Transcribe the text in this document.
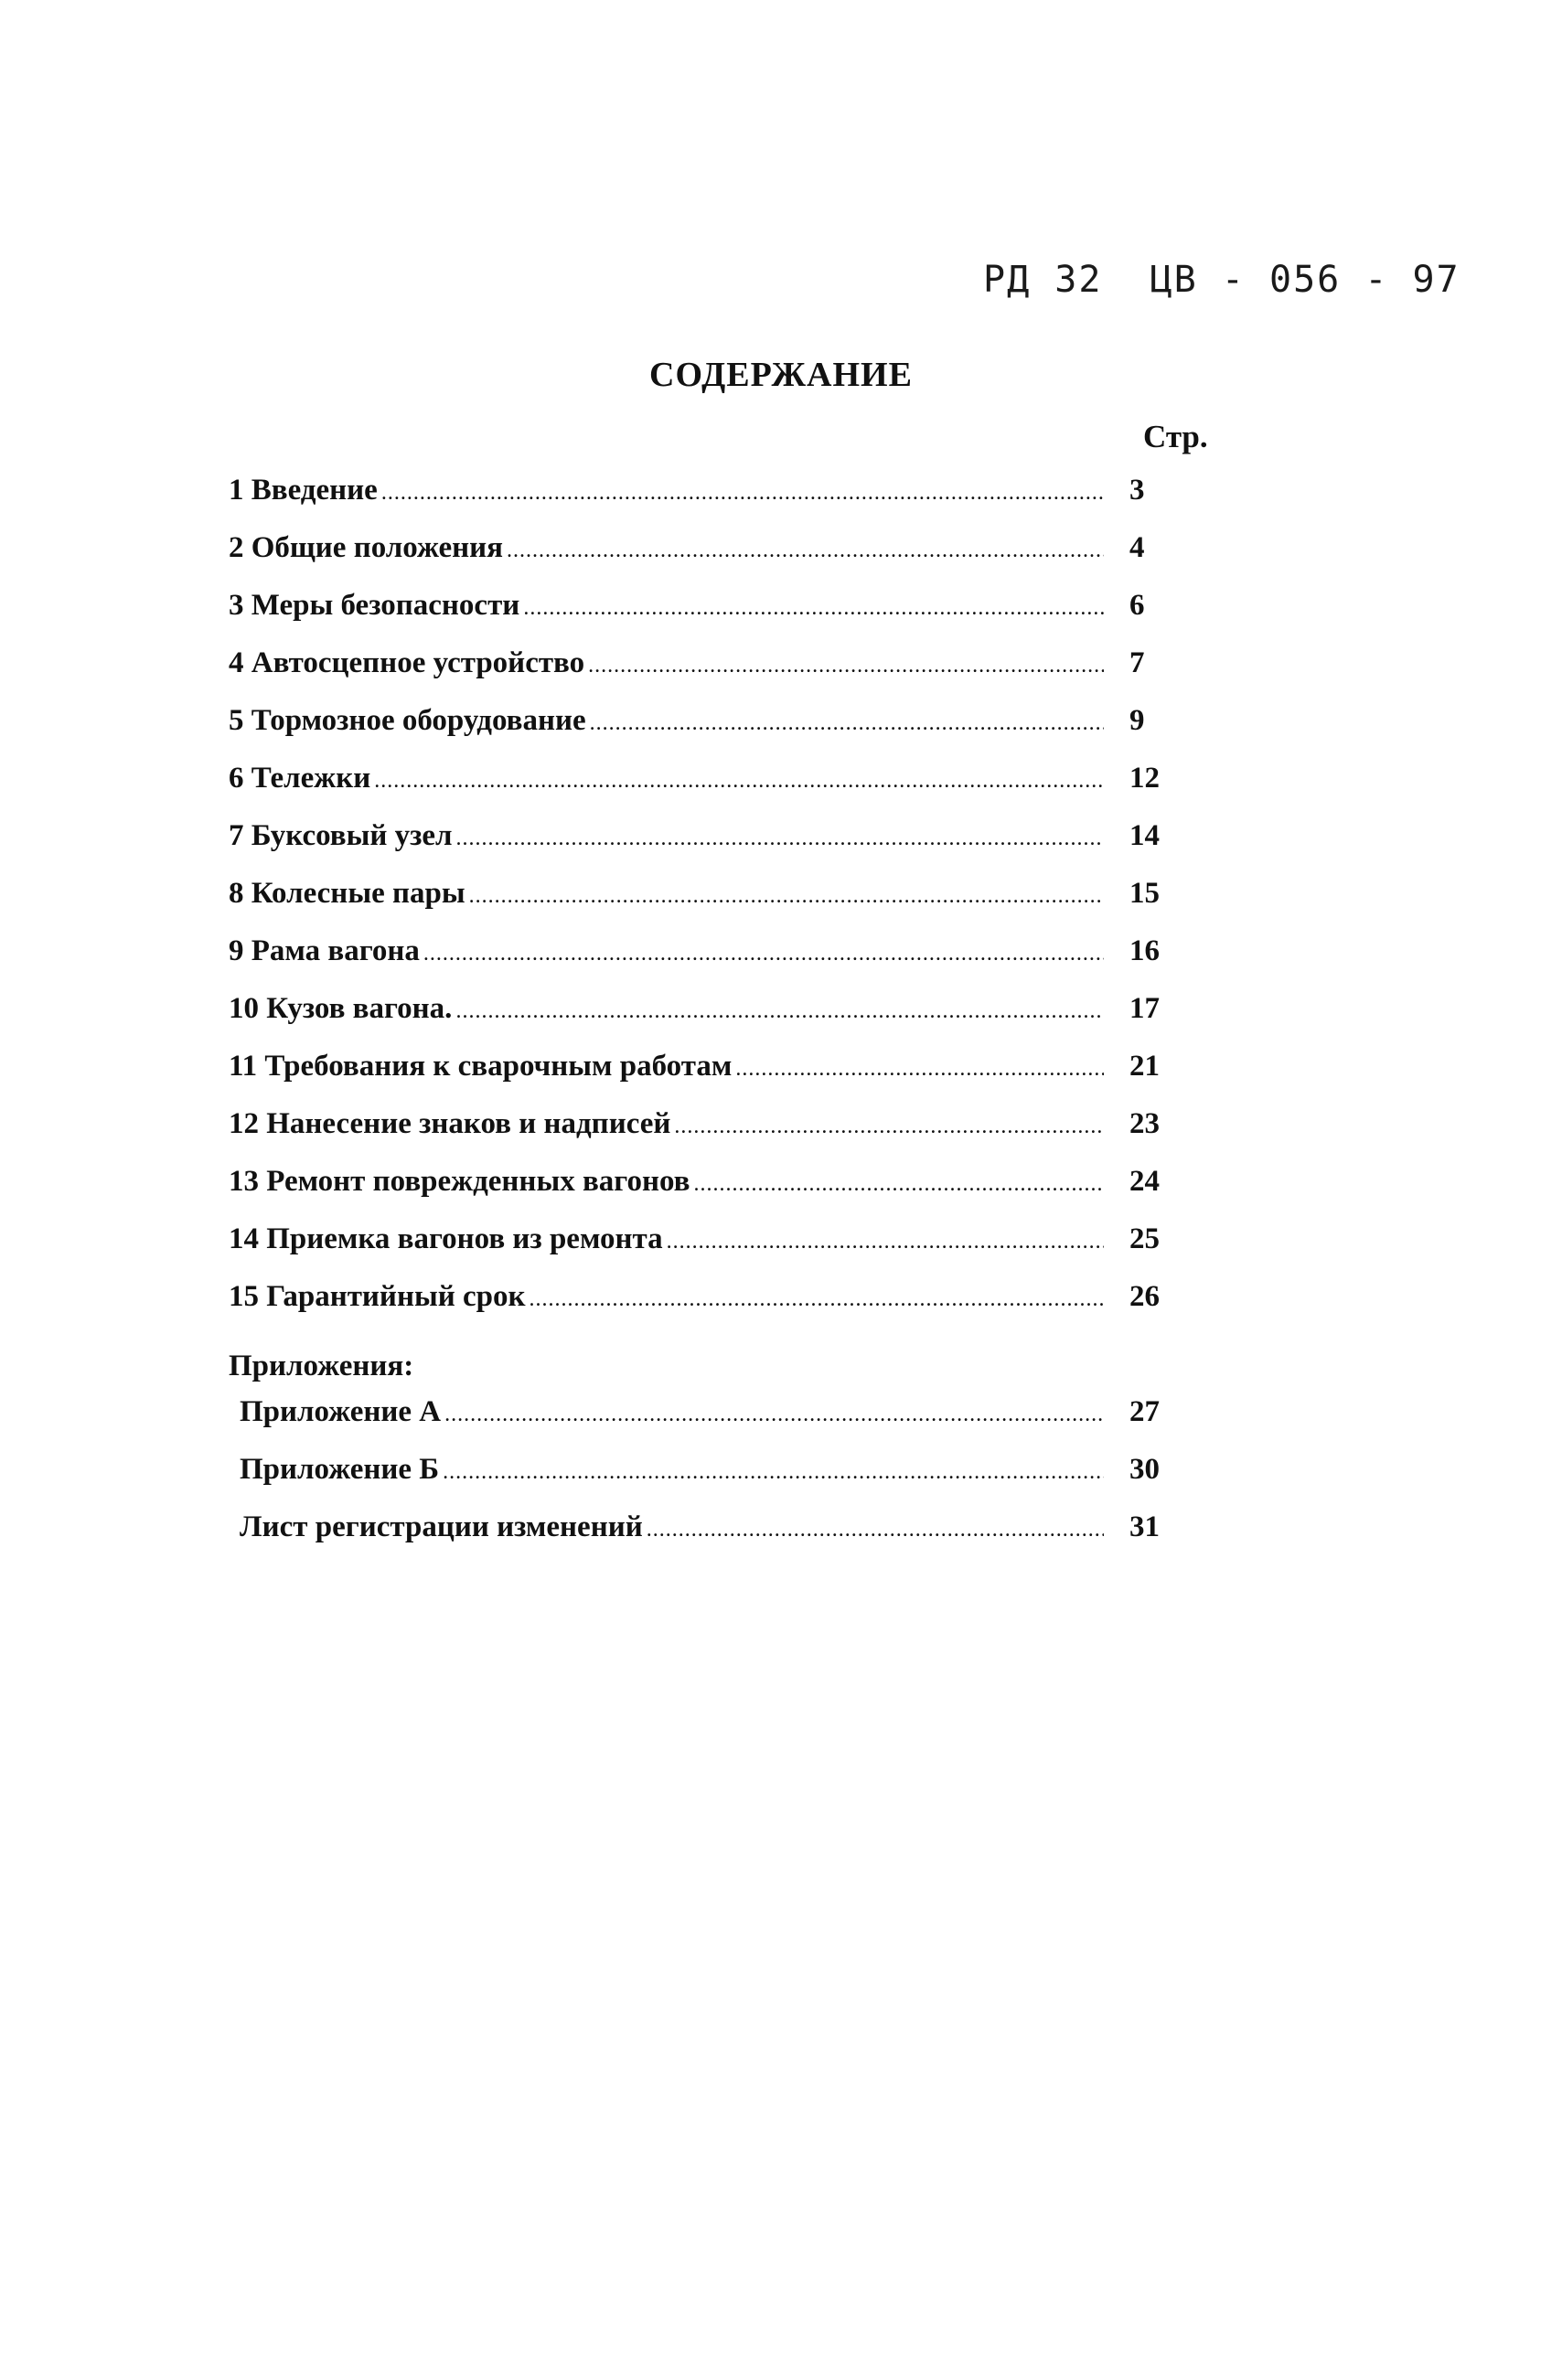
РД 32  ЦВ - 056 - 97
СОДЕРЖАНИЕ
Стр.
1 Введение .....	3
2 Общие положения .....	4
3 Меры безопасности .....	6
4 Автосцепное устройство .....	7
5 Тормозное оборудование .....	9
6 Тележки .....	12
7 Буксовый узел .....	14
8 Колесные пары .....	15
9 Рама вагона .....	16
10 Кузов вагона. .....	17
11 Требования к сварочным работам .....	21
12 Нанесение знаков и надписей .....	23
13 Ремонт поврежденных вагонов .....	24
14 Приемка вагонов из ремонта .....	25
15 Гарантийный срок .....	26
Приложения:
Приложение А .....	27
Приложение Б .....	30
Лист регистрации изменений .....	31
